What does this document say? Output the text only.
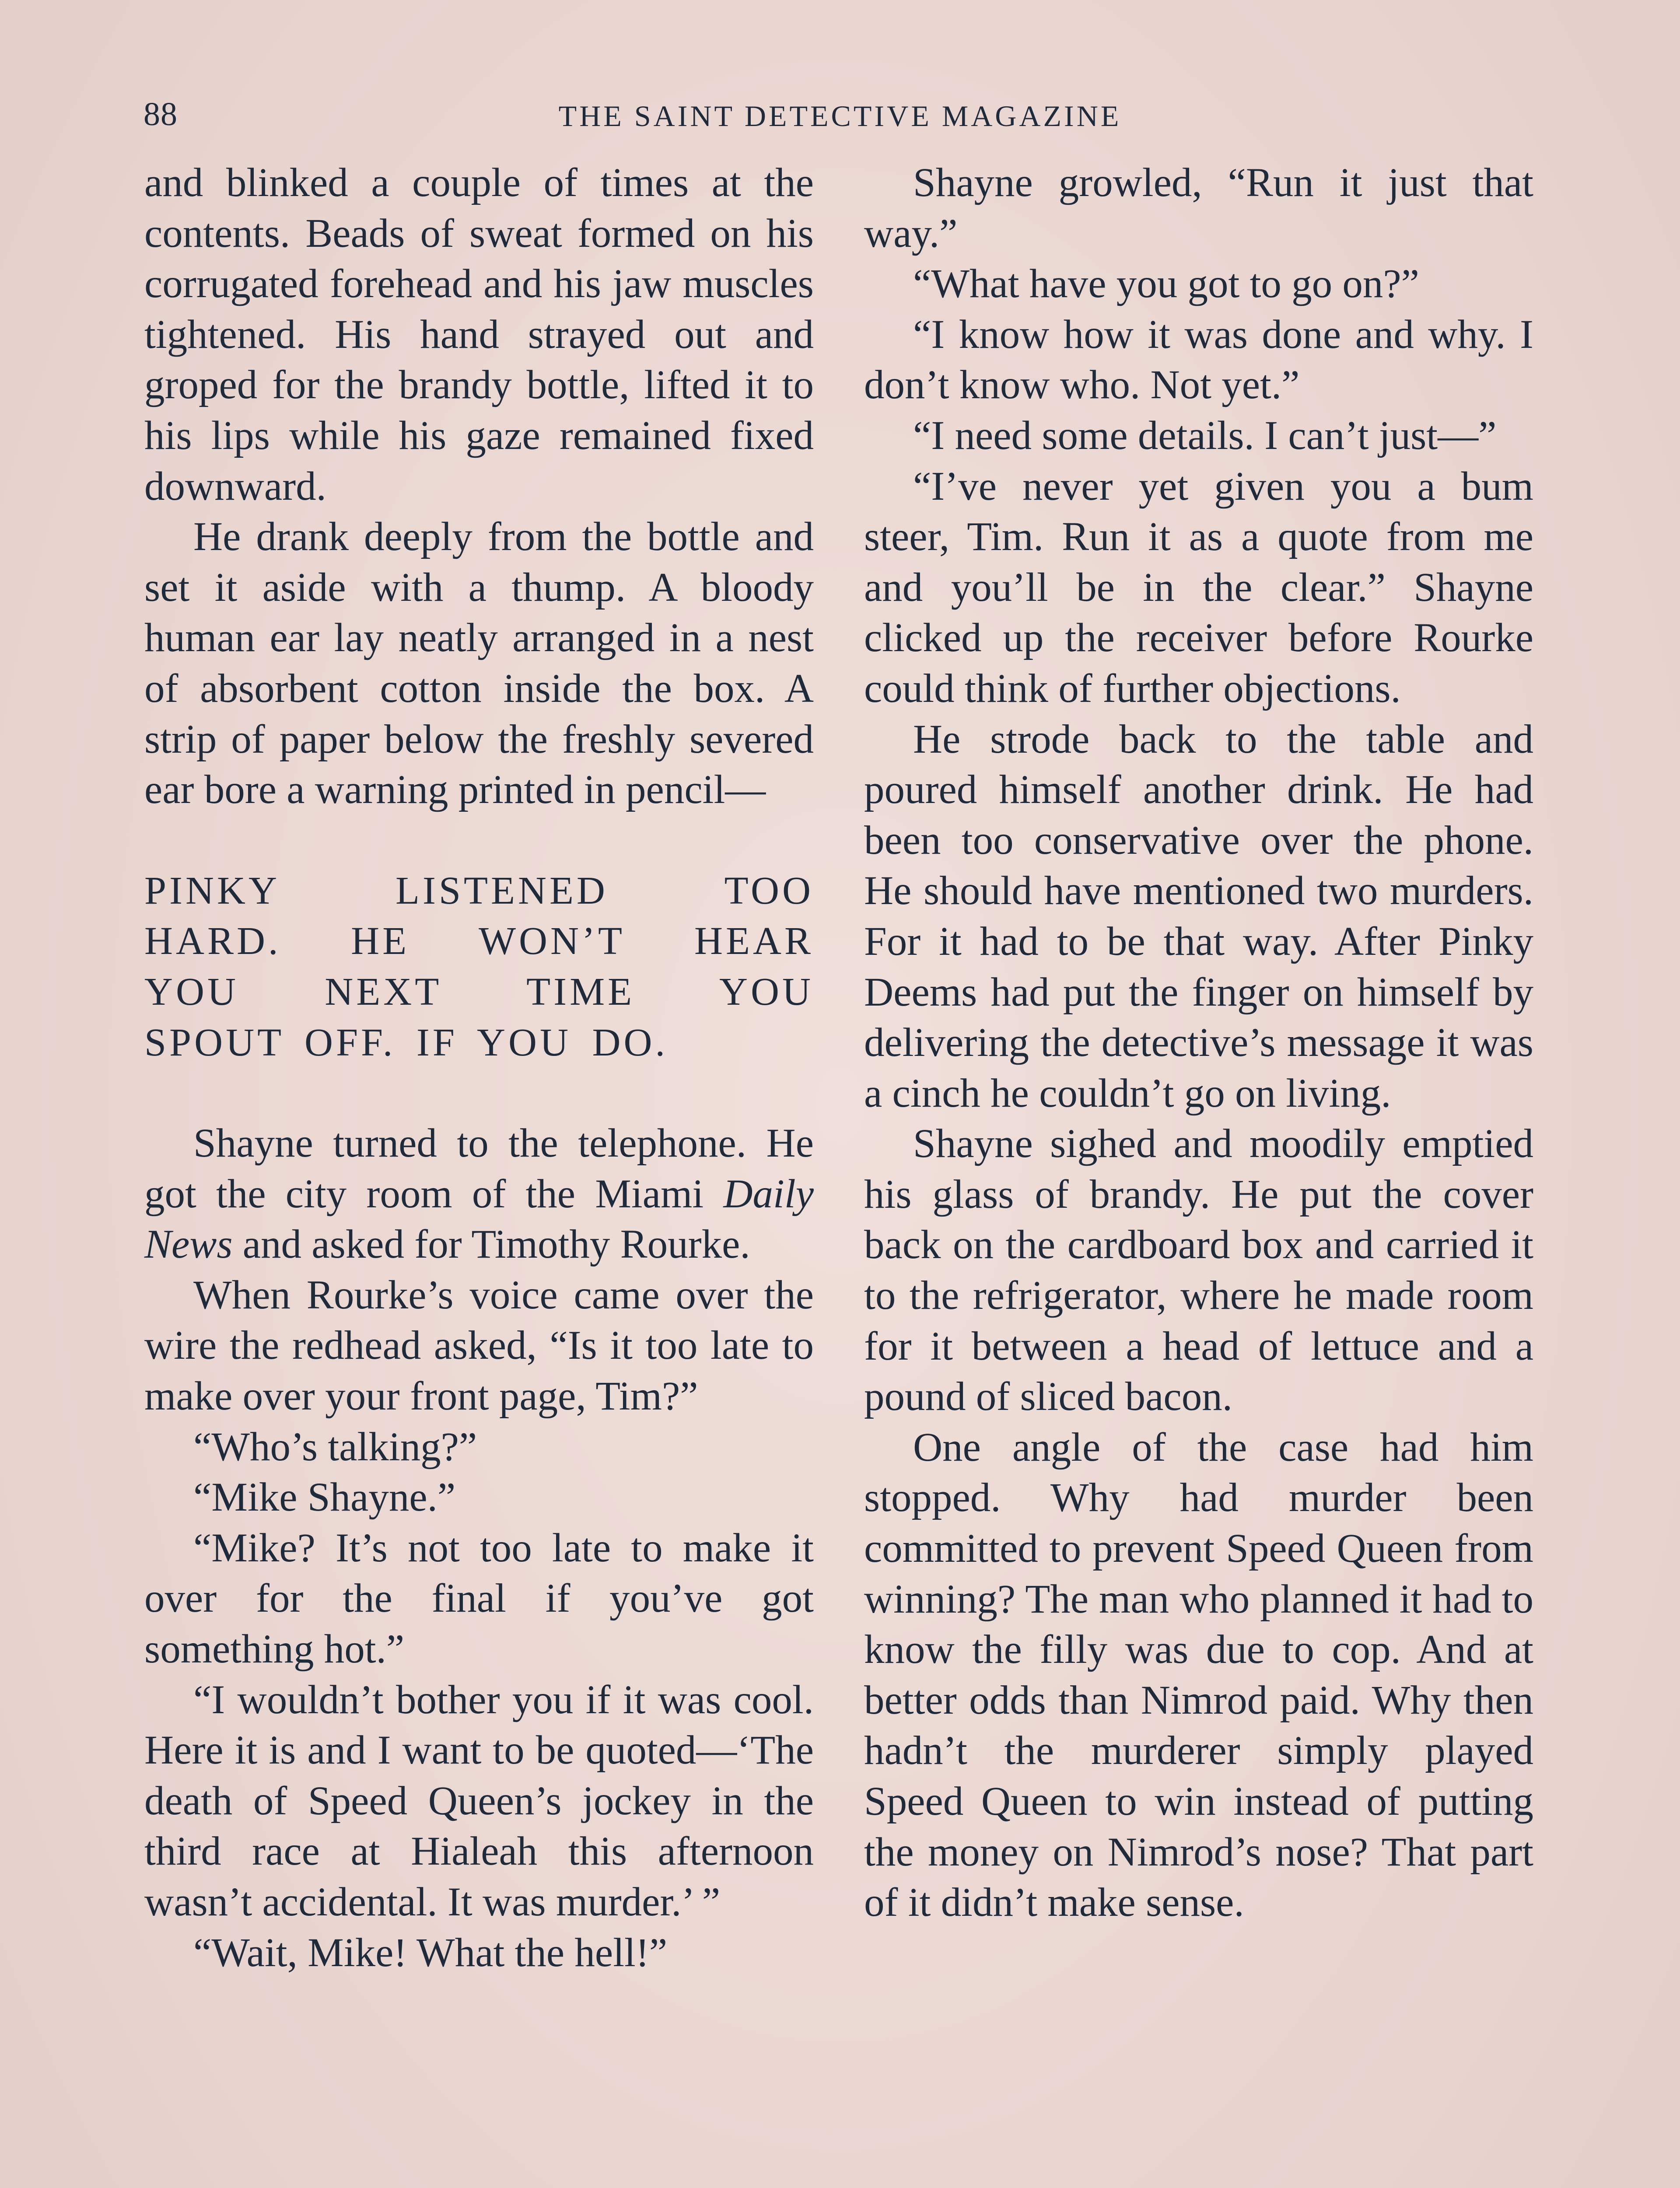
88	THE SAINT DETECTIVE MAGAZINE

and blinked a couple of times at the contents. Beads of sweat formed on his corrugated forehead and his jaw muscles tightened. His hand strayed out and groped for the brandy bottle, lifted it to his lips while his gaze remained fixed downward.

He drank deeply from the bottle and set it aside with a thump. A bloody human ear lay neatly arranged in a nest of absorbent cotton inside the box. A strip of paper below the freshly severed ear bore a warning printed in pencil—

PINKY LISTENED TOO
HARD. HE WON’T HEAR
YOU NEXT TIME YOU
SPOUT OFF. IF YOU DO.

Shayne turned to the telephone. He got the city room of the Miami Daily News and asked for Timothy Rourke.

When Rourke’s voice came over the wire the redhead asked, “Is it too late to make over your front page, Tim?”

“Who’s talking?”

“Mike Shayne.”

“Mike? It’s not too late to make it over for the final if you’ve got something hot.”

“I wouldn’t bother you if it was cool. Here it is and I want to be quoted—‘The death of Speed Queen’s jockey in the third race at Hialeah this afternoon wasn’t accidental. It was murder.’ ”

“Wait, Mike! What the hell!”

Shayne growled, “Run it just that way.”

“What have you got to go on?”

“I know how it was done and why. I don’t know who. Not yet.”

“I need some details. I can’t just—”

“I’ve never yet given you a bum steer, Tim. Run it as a quote from me and you’ll be in the clear.” Shayne clicked up the receiver before Rourke could think of further objections.

He strode back to the table and poured himself another drink. He had been too conservative over the phone. He should have mentioned two murders. For it had to be that way. After Pinky Deems had put the finger on himself by delivering the detective’s message it was a cinch he couldn’t go on living.

Shayne sighed and moodily emptied his glass of brandy. He put the cover back on the cardboard box and carried it to the refrigerator, where he made room for it between a head of lettuce and a pound of sliced bacon.

One angle of the case had him stopped. Why had murder been committed to prevent Speed Queen from winning? The man who planned it had to know the filly was due to cop. And at better odds than Nimrod paid. Why then hadn’t the murderer simply played Speed Queen to win instead of putting the money on Nimrod’s nose? That part of it didn’t make sense.
